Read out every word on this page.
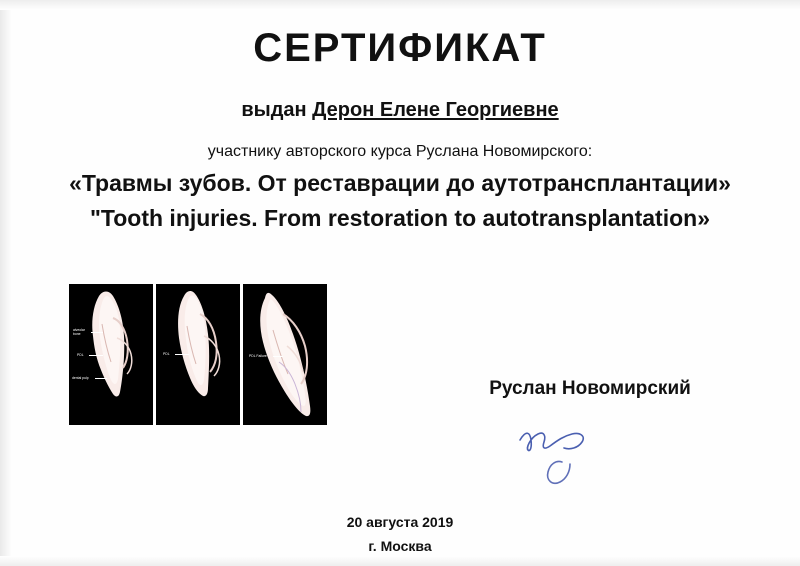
СЕРТИФИКАТ
выдан Дерон Елене Георгиевне
участнику авторского курса Руслана Новомирского:
«Травмы зубов. От реставрации до аутотрансплантации»
"Tooth injuries. From restoration to autotransplantation»
alveolar
bone
PDL
dental pulp
PDL	PDL Failure
Руслан Новомирский
20 августа 2019
г. Москва
